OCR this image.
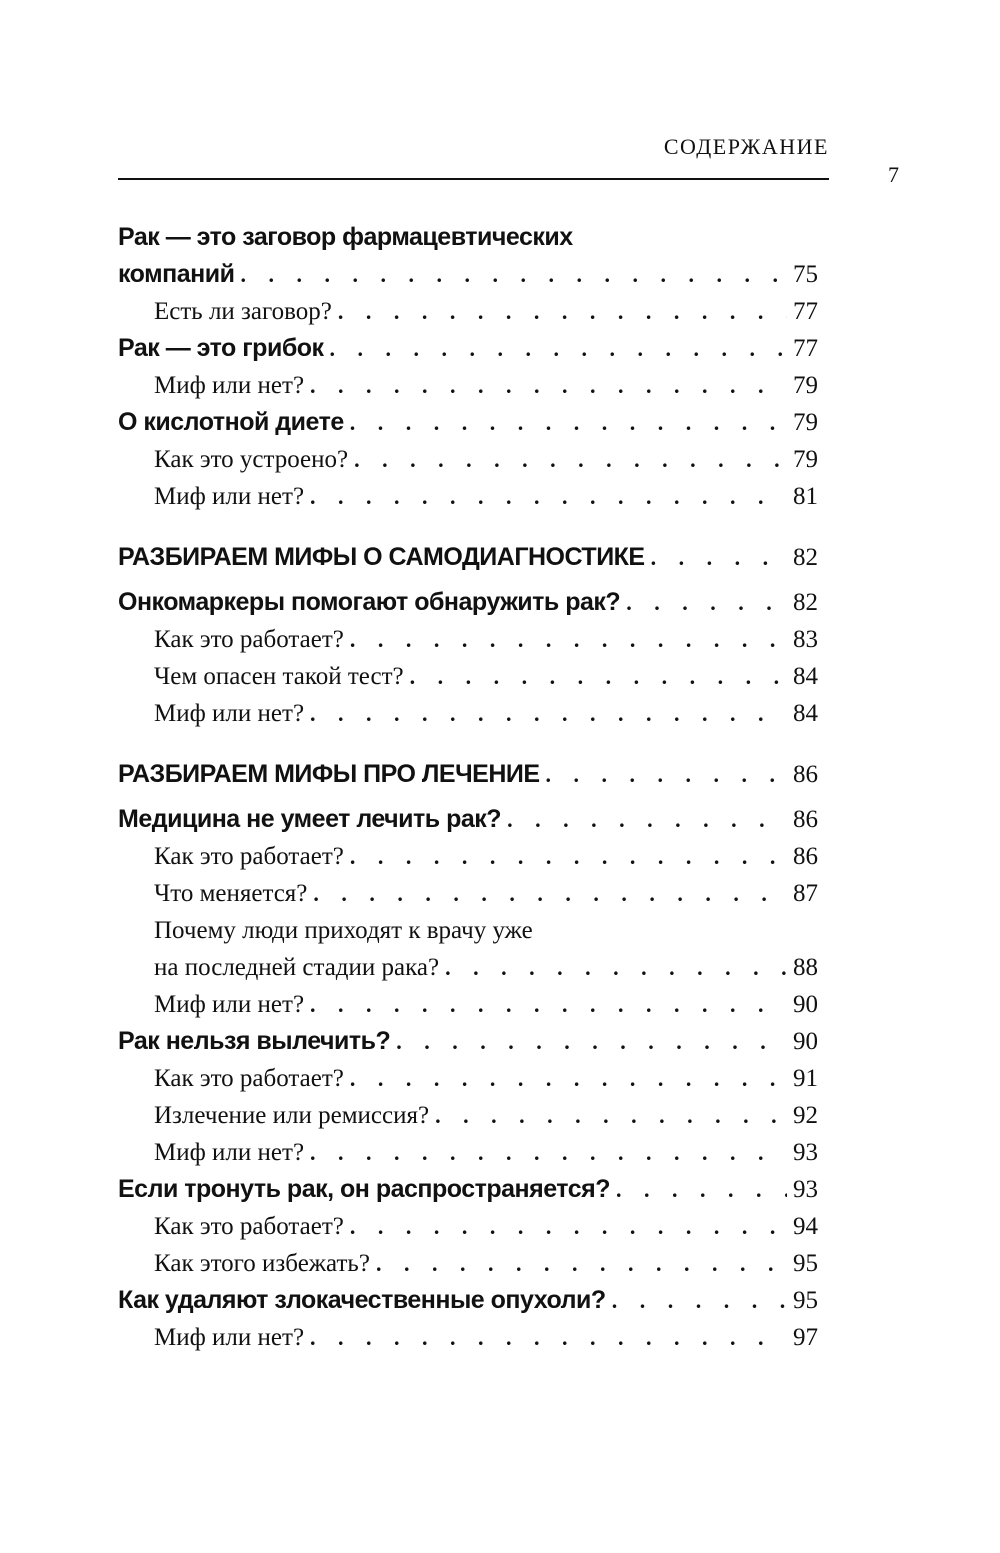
СОДЕРЖАНИЕ
7
Рак — это заговор фармацевтических
компаний . . .	75
Есть ли заговор? . . .	77
Рак — это грибок . . .	77
Миф или нет? . . .	79
О кислотной диете . . .	79
Как это устроено? . . .	79
Миф или нет? . . .	81
РАЗБИРАЕМ МИФЫ О САМОДИАГНОСТИКЕ . . .	82
Онкомаркеры помогают обнаружить рак? . . .	82
Как это работает? . . .	83
Чем опасен такой тест? . . .	84
Миф или нет? . . .	84
РАЗБИРАЕМ МИФЫ ПРО ЛЕЧЕНИЕ . . .	86
Медицина не умеет лечить рак? . . .	86
Как это работает? . . .	86
Что меняется? . . .	87
Почему люди приходят к врачу уже
на последней стадии рака? . . .	88
Миф или нет? . . .	90
Рак нельзя вылечить? . . .	90
Как это работает? . . .	91
Излечение или ремиссия? . . .	92
Миф или нет? . . .	93
Если тронуть рак, он распространяется? . . .	93
Как это работает? . . .	94
Как этого избежать? . . .	95
Как удаляют злокачественные опухоли? . . .	95
Миф или нет? . . .	97
